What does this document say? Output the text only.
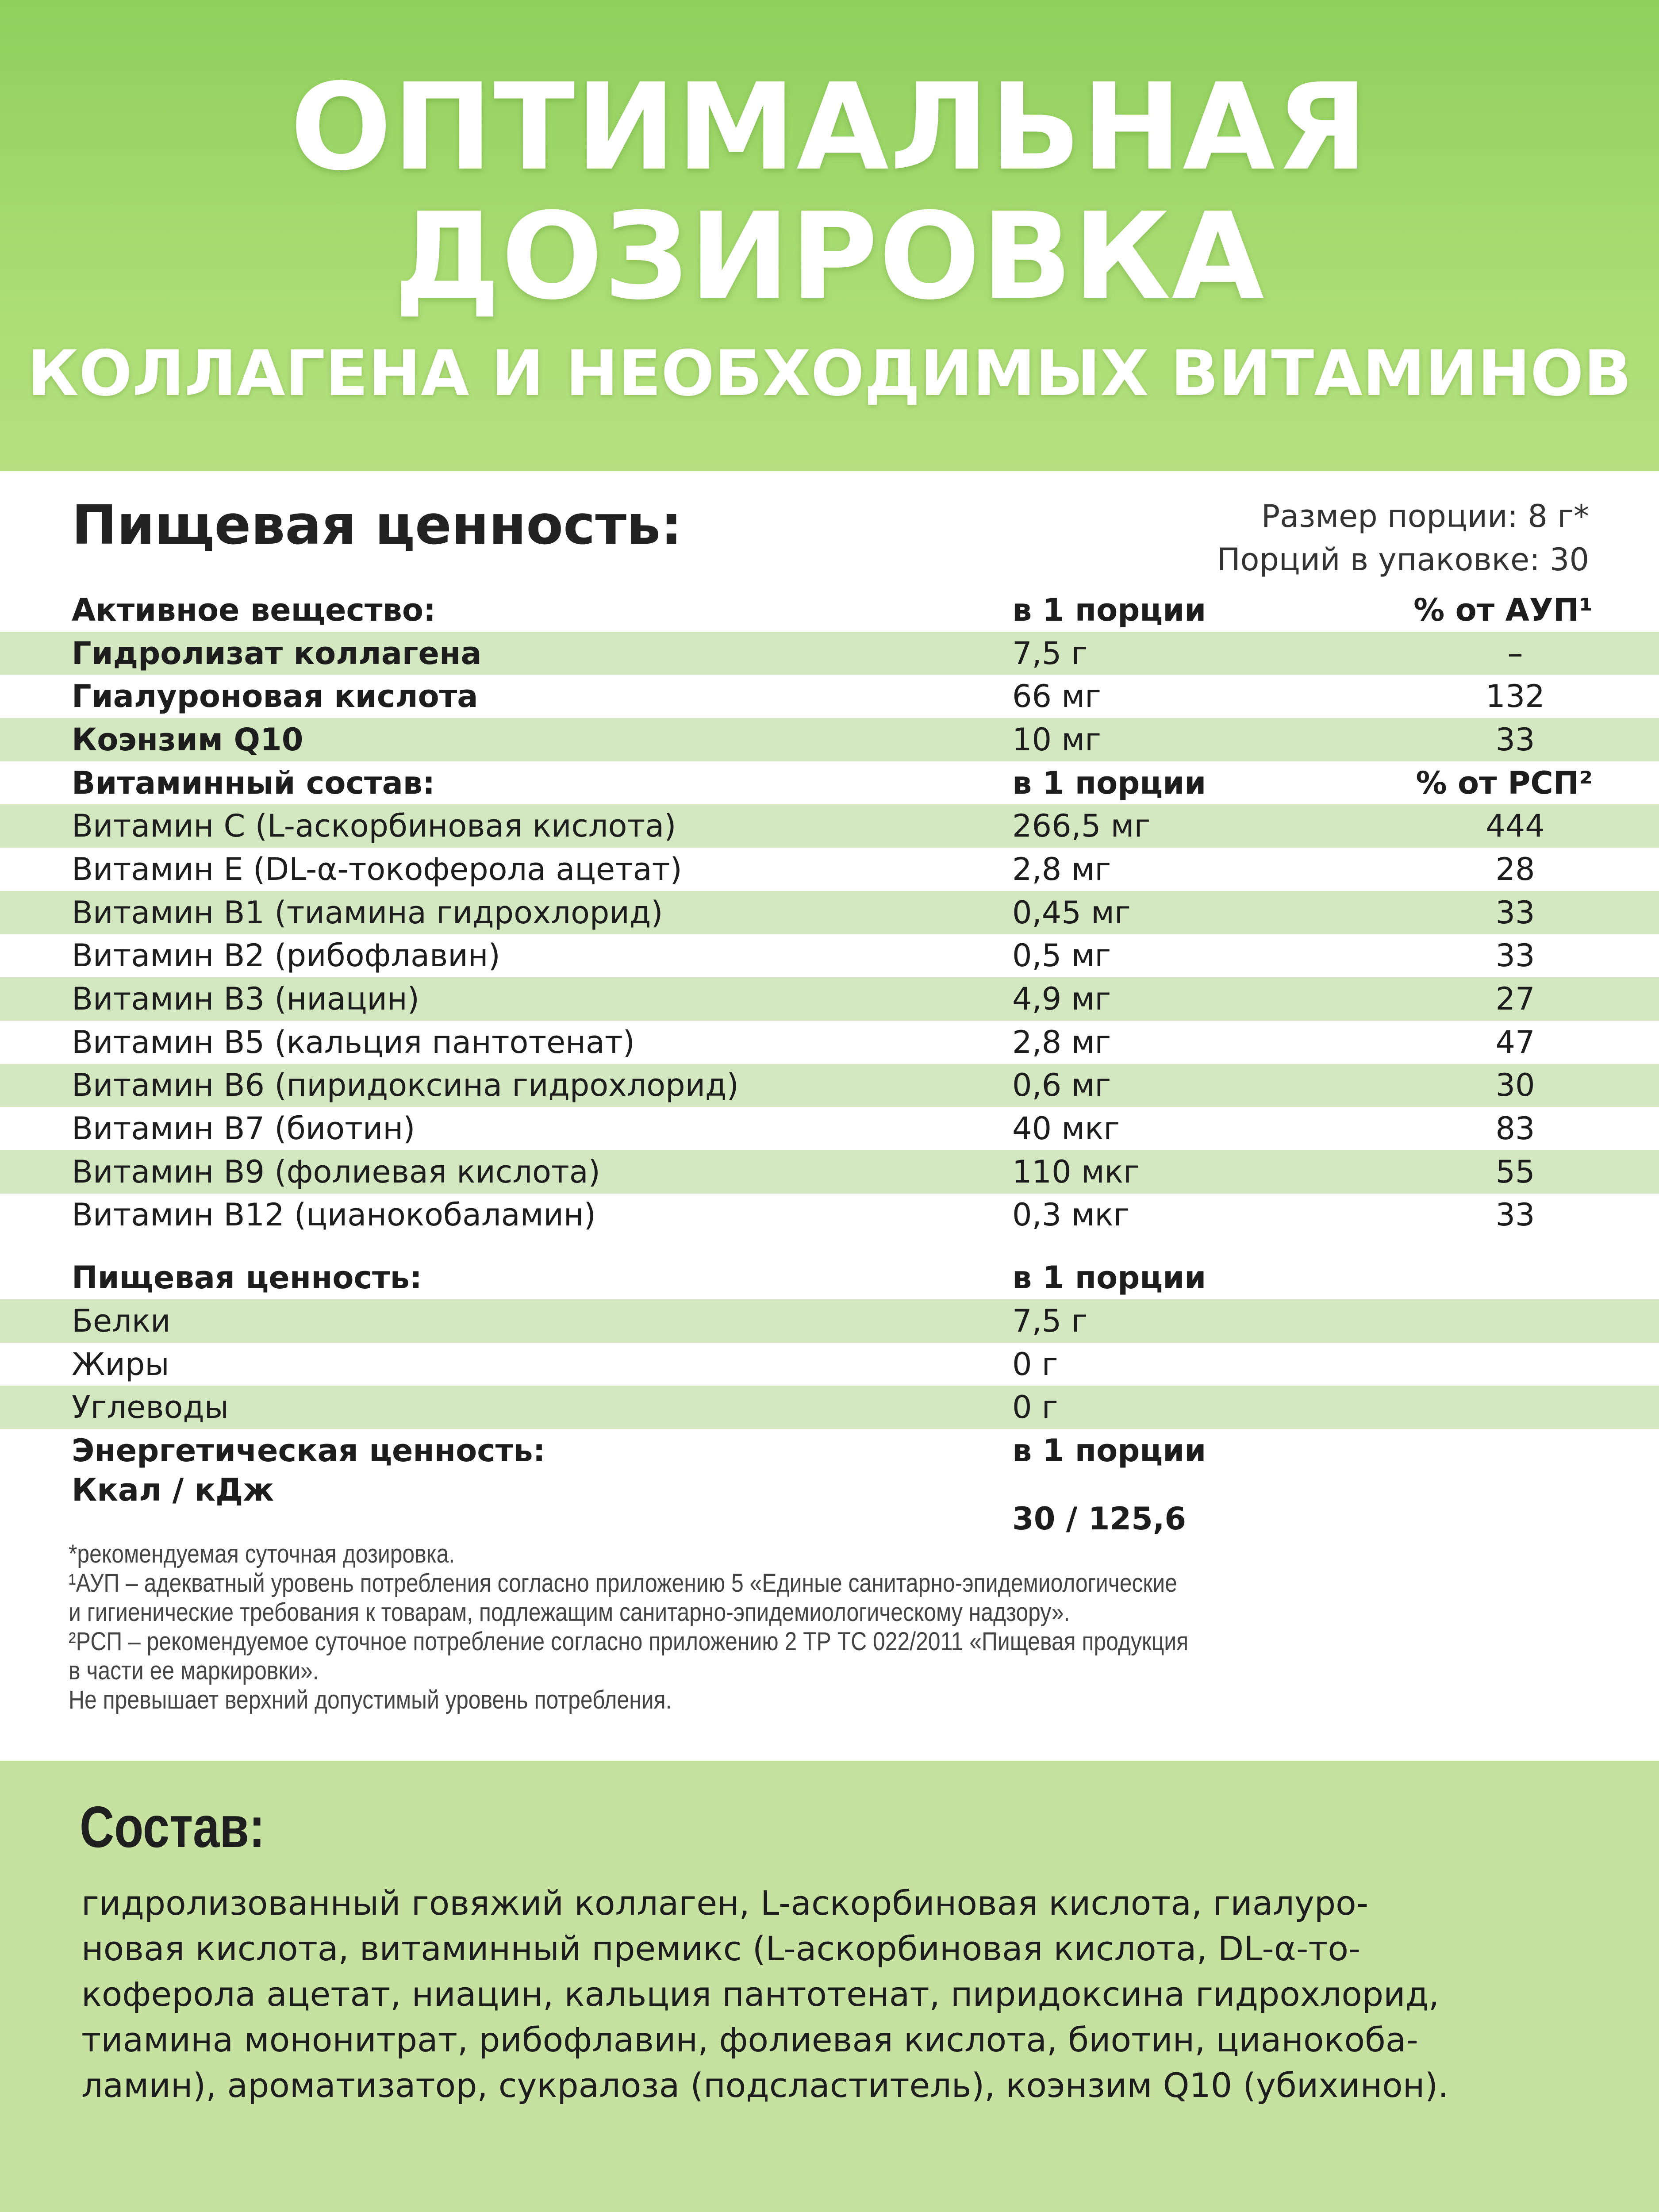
ОПТИМАЛЬНАЯ
ДОЗИРОВКА
КОЛЛАГЕНА И НЕОБХОДИМЫХ ВИТАМИНОВ
Пищевая ценность:	Размер порции: 8 г*
Порций в упаковке: 30
Активное вещество:	в 1 порции	% от АУП¹
Гидролизат коллагена	7,5 г	–
Гиалуроновая кислота	66 мг	132
Коэнзим Q10	10 мг	33
Витаминный состав:	в 1 порции	% от РСП²
Витамин С (L-аскорбиновая кислота)	266,5 мг	444
Витамин Е (DL-α-токоферола ацетат)	2,8 мг	28
Витамин В1 (тиамина гидрохлорид)	0,45 мг	33
Витамин В2 (рибофлавин)	0,5 мг	33
Витамин В3 (ниацин)	4,9 мг	27
Витамин В5 (кальция пантотенат)	2,8 мг	47
Витамин В6 (пиридоксина гидрохлорид)	0,6 мг	30
Витамин В7 (биотин)	40 мкг	83
Витамин В9 (фолиевая кислота)	110 мкг	55
Витамин В12 (цианокобаламин)	0,3 мкг	33
Пищевая ценность:	в 1 порции
Белки	7,5 г
Жиры	0 г
Углеводы	0 г
Энергетическая ценность:	в 1 порции
Ккал / кДж
30 / 125,6
*рекомендуемая суточная дозировка.
¹АУП – адекватный уровень потребления согласно приложению 5 «Единые санитарно-эпидемиологические
и гигиенические требования к товарам, подлежащим санитарно-эпидемиологическому надзору».
²РСП – рекомендуемое суточное потребление согласно приложению 2 ТР ТС 022/2011 «Пищевая продукция
в части ее маркировки».
Не превышает верхний допустимый уровень потребления.
Состав:
гидролизованный говяжий коллаген, L-аскорбиновая кислота, гиалуро-
новая кислота, витаминный премикс (L-аскорбиновая кислота, DL-α-то-
коферола ацетат, ниацин, кальция пантотенат, пиридоксина гидрохлорид,
тиамина мононитрат, рибофлавин, фолиевая кислота, биотин, цианокоба-
ламин), ароматизатор, сукралоза (подсластитель), коэнзим Q10 (убихинон).
